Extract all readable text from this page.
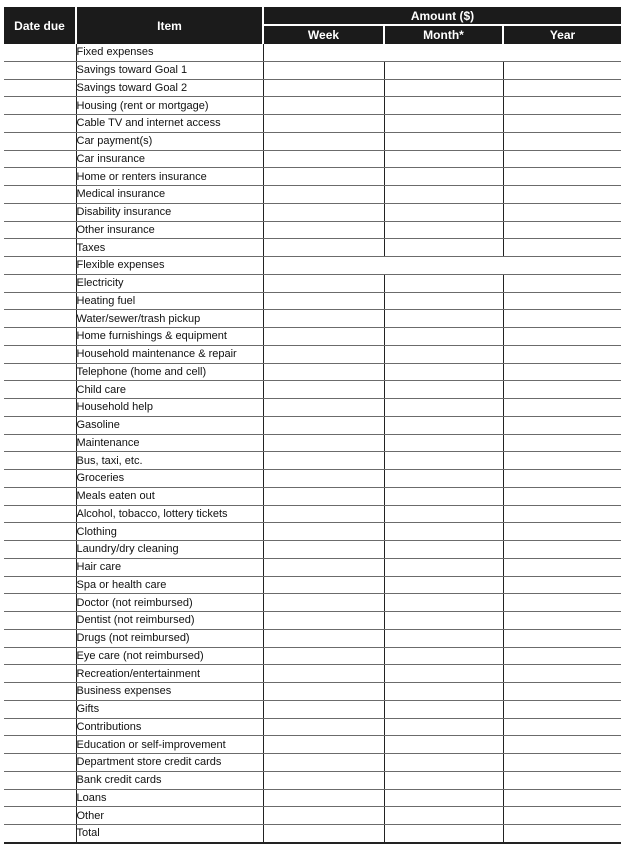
Date due	Item	Amount ($)		
		Week	Month*	Year
	Fixed expenses			
	Savings toward Goal 1			
	Savings toward Goal 2			
	Housing (rent or mortgage)			
	Cable TV and internet access			
	Car payment(s)			
	Car insurance			
	Home or renters insurance			
	Medical insurance			
	Disability insurance			
	Other insurance			
	Taxes			
	Flexible expenses			
	Electricity			
	Heating fuel			
	Water/sewer/trash pickup			
	Home furnishings & equipment			
	Household maintenance & repair			
	Telephone (home and cell)			
	Child care			
	Household help			
	Gasoline			
	Maintenance			
	Bus, taxi, etc.			
	Groceries			
	Meals eaten out			
	Alcohol, tobacco, lottery tickets			
	Clothing			
	Laundry/dry cleaning			
	Hair care			
	Spa or health care			
	Doctor (not reimbursed)			
	Dentist (not reimbursed)			
	Drugs (not reimbursed)			
	Eye care (not reimbursed)			
	Recreation/entertainment			
	Business expenses			
	Gifts			
	Contributions			
	Education or self-improvement			
	Department store credit cards			
	Bank credit cards			
	Loans			
	Other			
	Total			
